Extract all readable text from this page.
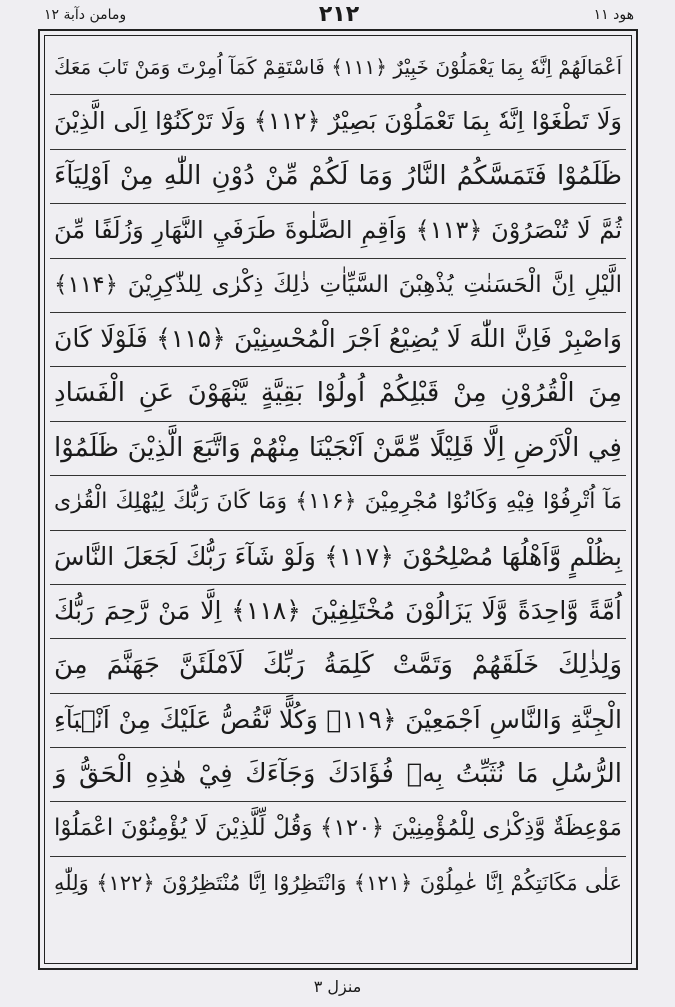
هود ١١
٢١٢
ومامن دآبة ١٢
اَعْمَالَهُمْ اِنَّهٗ بِمَا يَعْمَلُوْنَ خَبِيْرٌ ﴿۱۱۱﴾ فَاسْتَقِمْ كَمَآ اُمِرْتَ وَمَنْ تَابَ مَعَكَ
وَلَا تَطْغَوْا اِنَّهٗ بِمَا تَعْمَلُوْنَ بَصِيْرٌ ﴿۱۱۲﴾ وَلَا تَرْكَنُوْٓا اِلَى الَّذِيْنَ
ظَلَمُوْا فَتَمَسَّكُمُ النَّارُ وَمَا لَكُمْ مِّنْ دُوْنِ اللّٰهِ مِنْ اَوْلِيَآءَ
ثُمَّ لَا تُنْصَرُوْنَ ﴿۱۱۳﴾ وَاَقِمِ الصَّلٰوةَ طَرَفَيِ النَّهَارِ وَزُلَفًا مِّنَ
الَّيْلِ اِنَّ الْحَسَنٰتِ يُذْهِبْنَ السَّيِّاٰتِ ذٰلِكَ ذِكْرٰى لِلذّٰكِرِيْنَ ﴿۱۱۴﴾
وَاصْبِرْ فَاِنَّ اللّٰهَ لَا يُضِيْعُ اَجْرَ الْمُحْسِنِيْنَ ﴿۱۱۵﴾ فَلَوْلَا كَانَ
مِنَ الْقُرُوْنِ مِنْ قَبْلِكُمْ اُولُوْا بَقِيَّةٍ يَّنْهَوْنَ عَنِ الْفَسَادِ
فِي الْاَرْضِ اِلَّا قَلِيْلًا مِّمَّنْ اَنْجَيْنَا مِنْهُمْ وَاتَّبَعَ الَّذِيْنَ ظَلَمُوْا
مَآ اُتْرِفُوْا فِيْهِ وَكَانُوْا مُجْرِمِيْنَ ﴿۱۱۶﴾ وَمَا كَانَ رَبُّكَ لِيُهْلِكَ الْقُرٰى
بِظُلْمٍ وَّاَهْلُهَا مُصْلِحُوْنَ ﴿۱۱۷﴾ وَلَوْ شَآءَ رَبُّكَ لَجَعَلَ النَّاسَ
اُمَّةً وَّاحِدَةً وَّلَا يَزَالُوْنَ مُخْتَلِفِيْنَ ﴿۱۱۸﴾ اِلَّا مَنْ رَّحِمَ رَبُّكَ
وَلِذٰلِكَ خَلَقَهُمْ وَتَمَّتْ كَلِمَةُ رَبِّكَ لَاَمْلَئَنَّ جَهَنَّمَ مِنَ
الْجِنَّةِ وَالنَّاسِ اَجْمَعِيْنَ ﴿۱۱۹﴾ وَكُلًّا نَّقُصُّ عَلَيْكَ مِنْ اَنْۢبَآءِ
الرُّسُلِ مَا نُثَبِّتُ بِهٖ فُؤَادَكَ وَجَآءَكَ فِيْ هٰذِهِ الْحَقُّ وَ
مَوْعِظَةٌ وَّذِكْرٰى لِلْمُؤْمِنِيْنَ ﴿۱۲۰﴾ وَقُلْ لِّلَّذِيْنَ لَا يُؤْمِنُوْنَ اعْمَلُوْا
عَلٰى مَكَانَتِكُمْ اِنَّا عٰمِلُوْنَ ﴿۱۲۱﴾ وَانْتَظِرُوْا اِنَّا مُنْتَظِرُوْنَ ﴿۱۲۲﴾ وَلِلّٰهِ
منزل ٣
